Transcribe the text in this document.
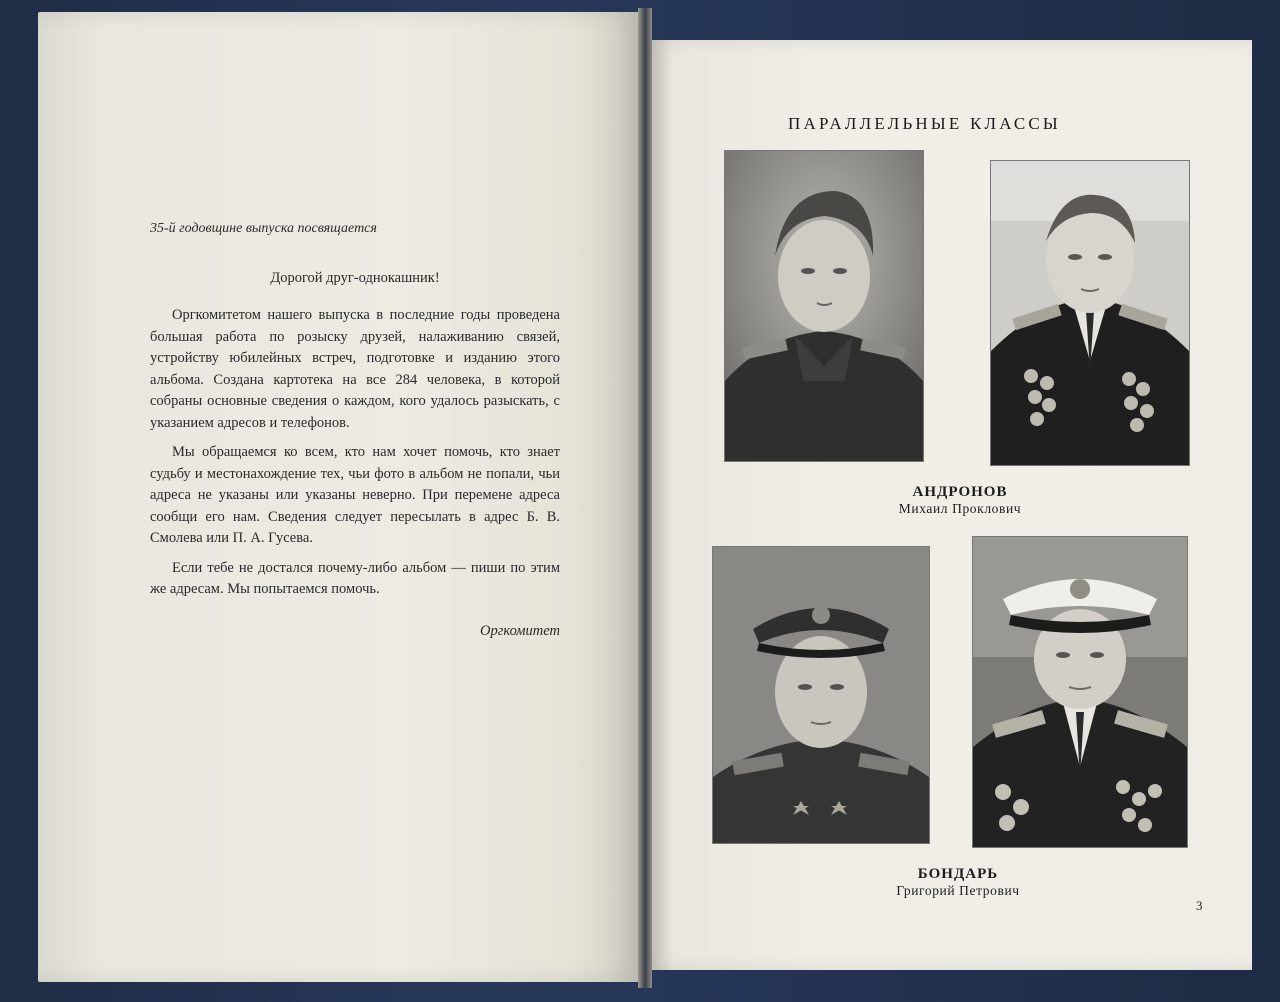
35-й годовщине выпуска посвящается

Дорогой друг-однокашник!

Оргкомитетом нашего выпуска в последние годы проведена большая работа по розыску друзей, налаживанию связей, устройству юбилейных встреч, подготовке и изданию этого альбома. Создана картотека на все 284 человека, в которой собраны основные сведения о каждом, кого удалось разыскать, с указанием адресов и телефонов.

Мы обращаемся ко всем, кто нам хочет помочь, кто знает судьбу и местонахождение тех, чьи фото в альбом не попали, чьи адреса не указаны или указаны неверно. При перемене адреса сообщи его нам. Сведения следует пересылать в адрес Б. В. Смолева или П. А. Гусева.

Если тебе не достался почему-либо альбом — пиши по этим же адресам. Мы попытаемся помочь.

Оргкомитет

ПАРАЛЛЕЛЬНЫЕ КЛАССЫ
АНДРОНОВ
Михаил Проклович
БОНДАРЬ
Григорий Петрович
3
